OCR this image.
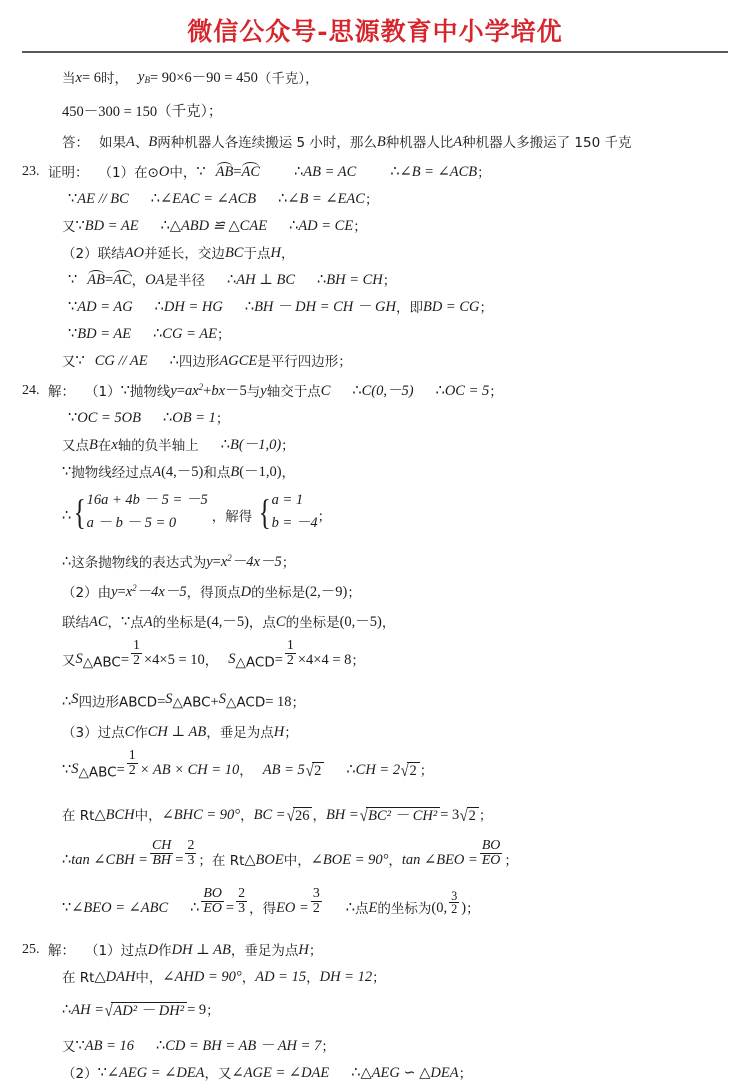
微信公众号-思源教育中小学培优
当 x = 6 时， $y_B = 90\times 6-90 = 450$ （千克），
450－300 = 150（千克）；
答： 如果 A 、 B 两种机器人各连续搬运 5 小时，那么 B 种机器人比 A 种机器人多搬运了 150 千克
23. 证明： （1） 在⊙ O 中， ∵ AB = AC ∴ AB = AC ∴ ∠B = ∠ACB ；
∵ AE // BC ∴ ∠EAC = ∠ACB ∴ ∠B = ∠EAC ；
又 ∵ BD = AE ∴ △ABD ≌ △CAE ∴ AD = CE ；
（2） 联结 AO 并延长，交边 BC 于点 H ，
∵ AB = AC ， OA 是半径 ∴ AH ⊥ BC ∴ BH = CH ；
∵ AD = AG ∴ DH = HG ∴ BH － DH = CH － GH ， 即 BD = CG ；
∵ BD = AE ∴ CG = AE ；
又 ∵ CG // AE ∴ 四边形 AGCE 是平行四边形；
24. 解： （1） ∵ 抛物线 y = a $x^2 + b$ x －5 与 y 轴交于点 C ∴ C(0,－5) ∴ OC = 5 ；
∵ OC = 5OB ∴ OB = 1 ；
又点 B 在 x 轴的负半轴上 ∴ B(－1,0) ；
∵ 抛物线经过点 A (4,－5) 和点 B (－1,0) ，
∴ { 16a + 4b － 5 = －5
a － b － 5 = 0	，解得 { a = 1
b = －4 ；
∴ 这条抛物线的表达式为 $y = x^2 -4x-5$ ；
（2） 由 $y = x^2 -4x-5$ ， 得顶点 D 的坐标是 (2,－9) ；
联结 AC ， ∵ 点 A 的坐标是 (4,－5) ， 点 C 的坐标是 (0,－5) ，
又 $S_{\triangle ABC} = \frac{1}{2} \times 4\times 5 = 10$ ， $S_{\triangle ACD} = \frac{1}{2} \times 4\times 4 = 8$ ；
∴ $S_{四边形ABCD} = S_{\triangle ABC} + S_{\triangle ACD} = 18$ ；
（3） 过点 C 作 CH ⊥ AB ， 垂足为点 H ；
∵ $S_{\triangle ABC} = \frac{1}{2}$ × AB × CH = 10 ， AB = 5 √ 2 ∴ CH = 2 √ 2 ；
在 Rt △BCH 中， ∠BHC = 90° ， BC = √ 26 ， BH = √ BC² － CH² = 3 √ 2 ；
∴ tan ∠CBH = $\frac{CH}{BH} = \frac{2}{3}$ ； 在 Rt △BOE 中， ∠BOE = 90° ， tan ∠BEO = $\frac{BO}{EO}$ ；
∵ ∠BEO = ∠ABC ∴ $\frac{BO}{EO} = \frac{2}{3}$ ， 得 EO = $\frac{3}{2}$ ∴ 点 E 的坐标为 (0, $\frac{3}{2}$ ) ；
25. 解： （1） 过点 D 作 DH ⊥ AB ， 垂足为点 H ；
在 Rt △DAH 中， ∠AHD = 90° ， AD = 15 ， DH = 12 ；
∴ AH = √ AD² － DH² = 9 ；
又 ∵ AB = 16 ∴ CD = BH = AB － AH = 7 ；
（2） ∵ ∠AEG = ∠DEA ， 又 ∠AGE = ∠DAE ∴ △AEG ∽ △DEA ；
